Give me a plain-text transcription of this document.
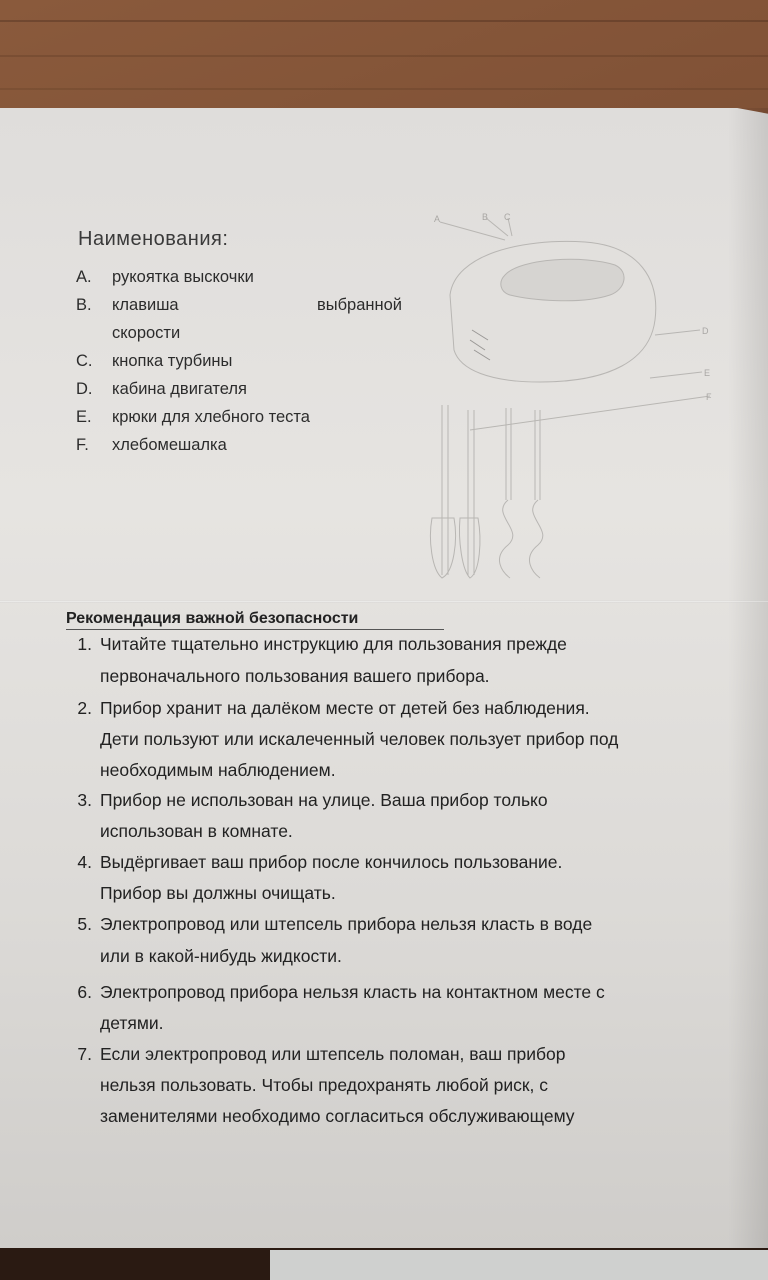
Наименования:
A.	рукоятка выскочки
B.	клавиша	выбранной
скорости
C.	кнопка турбины
D.	кабина двигателя
E.	крюки для хлебного теста
F.	хлебомешалка
A	B C
D
E
F
Рекомендация важной безопасности
1. Читайте тщательно инструкцию для пользования прежде
первоначального пользования вашего прибора.
2. Прибор хранит на далёком месте от детей без наблюдения.
Дети пользуют или искалеченный человек пользует прибор под
необходимым наблюдением.
3. Прибор не использован на улице. Ваша прибор только
использован в комнате.
4. Выдёргивает ваш прибор после кончилось пользование.
Прибор вы должны очищать.
5. Электропровод или штепсель прибора нельзя класть в воде
или в какой-нибудь жидкости.
6. Электропровод прибора нельзя класть на контактном месте с
детями.
7. Если электропровод или штепсель поломан, ваш прибор
нельзя пользовать. Чтобы предохранять любой риск, с
заменителями необходимо согласиться обслуживающему
